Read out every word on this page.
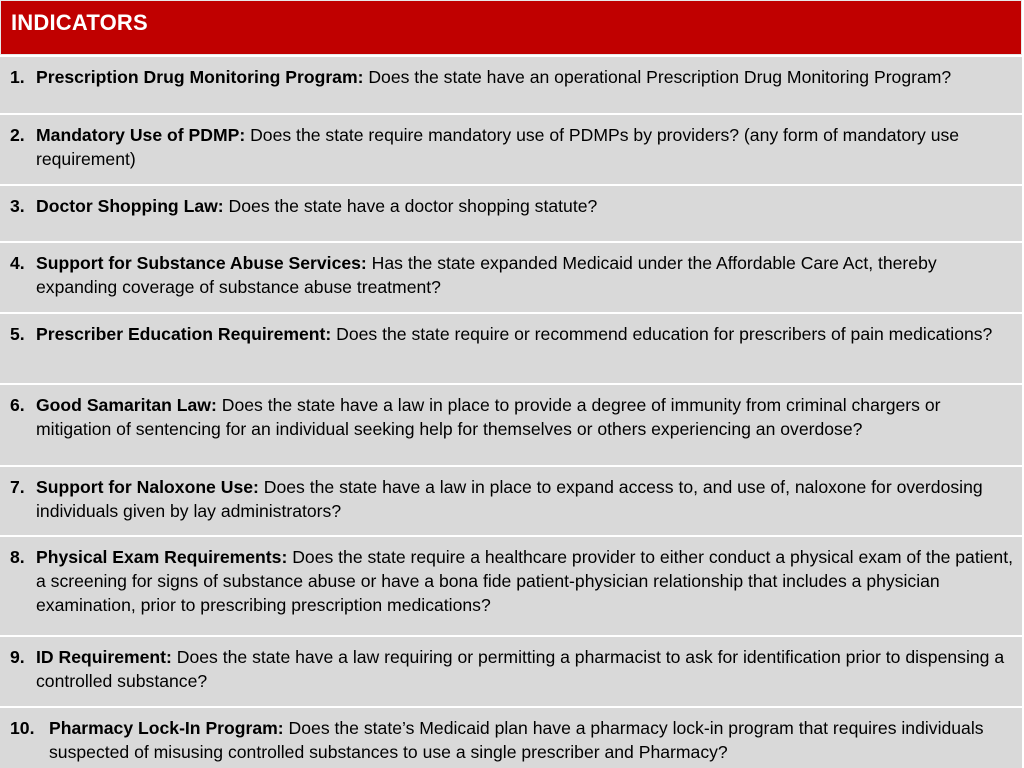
INDICATORS
1. Prescription Drug Monitoring Program: Does the state have an operational Prescription Drug Monitoring Program?
2. Mandatory Use of PDMP: Does the state require mandatory use of PDMPs by providers? (any form of mandatory use requirement)
3. Doctor Shopping Law: Does the state have a doctor shopping statute?
4. Support for Substance Abuse Services: Has the state expanded Medicaid under the Affordable Care Act, thereby expanding coverage of substance abuse treatment?
5. Prescriber Education Requirement: Does the state require or recommend education for prescribers of pain medications?
6. Good Samaritan Law: Does the state have a law in place to provide a degree of immunity from criminal chargers or mitigation of sentencing for an individual seeking help for themselves or others experiencing an overdose?
7. Support for Naloxone Use: Does the state have a law in place to expand access to, and use of, naloxone for overdosing individuals given by lay administrators?
8. Physical Exam Requirements: Does the state require a healthcare provider to either conduct a physical exam of the patient, a screening for signs of substance abuse or have a bona fide patient-physician relationship that includes a physician examination, prior to prescribing prescription medications?
9. ID Requirement: Does the state have a law requiring or permitting a pharmacist to ask for identification prior to dispensing a controlled substance?
10. Pharmacy Lock-In Program: Does the state’s Medicaid plan have a pharmacy lock-in program that requires individuals suspected of misusing controlled substances to use a single prescriber and Pharmacy?
